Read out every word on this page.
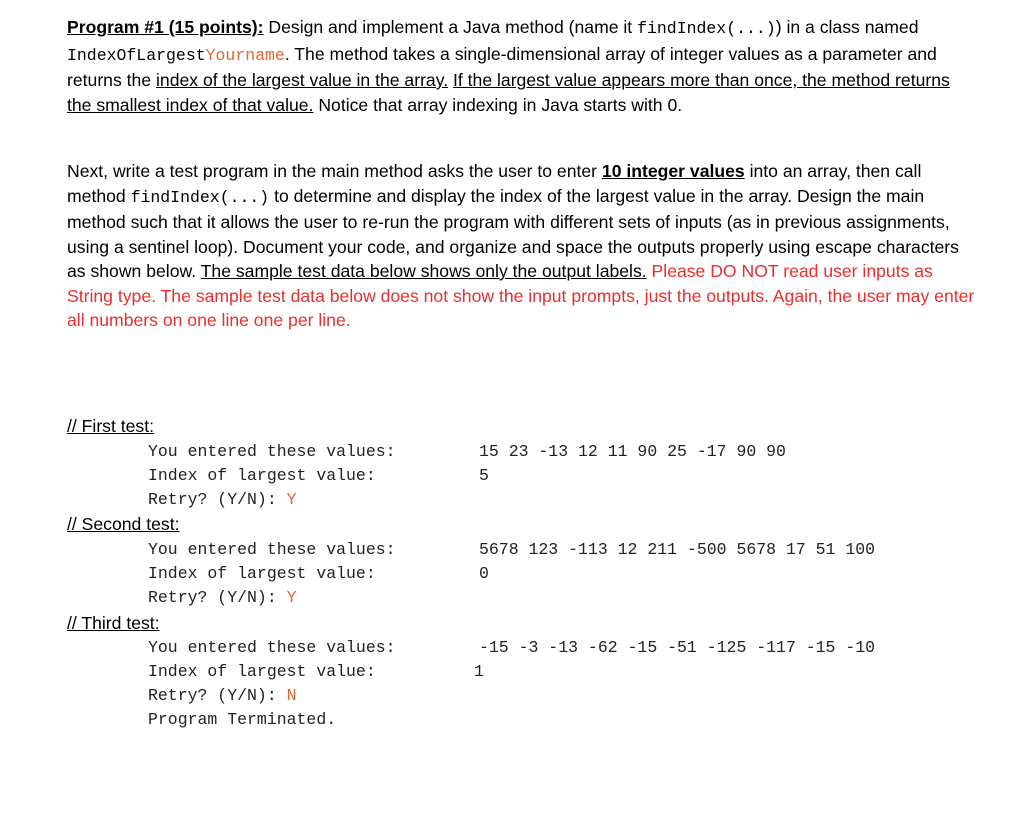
Program #1 (15 points): Design and implement a Java method (name it findIndex(...)) in a class named IndexOfLargestYourname. The method takes a single-dimensional array of integer values as a parameter and returns the index of the largest value in the array. If the largest value appears more than once, the method returns the smallest index of that value. Notice that array indexing in Java starts with 0.
Next, write a test program in the main method asks the user to enter 10 integer values into an array, then call method findIndex(...) to determine and display the index of the largest value in the array. Design the main method such that it allows the user to re-run the program with different sets of inputs (as in previous assignments, using a sentinel loop). Document your code, and organize and space the outputs properly using escape characters as shown below. The sample test data below shows only the output labels. Please DO NOT read user inputs as String type. The sample test data below does not show the input prompts, just the outputs. Again, the user may enter all numbers on one line one per line.
// First test:
You entered these values:	15 23 -13 12 11 90 25 -17 90 90
Index of largest value:	5
Retry? (Y/N): Y
// Second test:
You entered these values:	5678 123 -113 12 211 -500 5678 17 51 100
Index of largest value:	0
Retry? (Y/N): Y
// Third test:
You entered these values:	-15 -3 -13 -62 -15 -51 -125 -117 -15 -10
Index of largest value:	1
Retry? (Y/N): N
Program Terminated.
